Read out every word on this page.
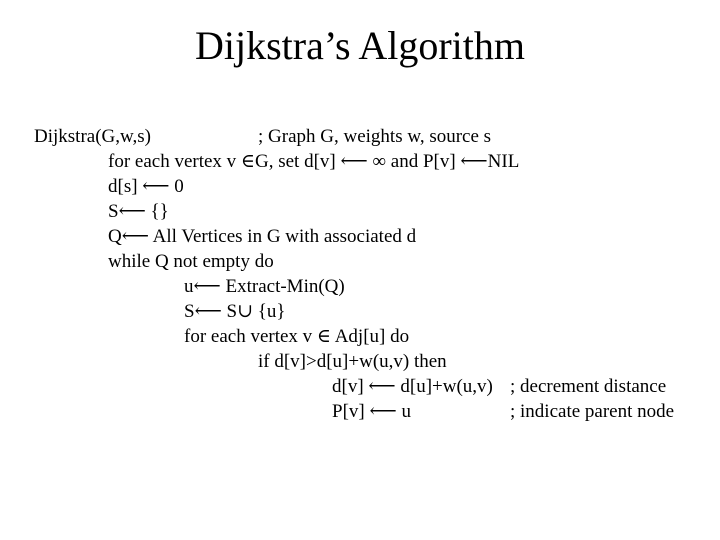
Dijkstra’s Algorithm
Dijkstra(G,w,s)	; Graph G, weights w, source s
for each vertex v ∈G, set d[v] ⟵ ∞ and P[v] ⟵NIL
d[s] ⟵ 0
S⟵ {}
Q⟵ All Vertices in G with associated d
while Q not empty do
u⟵ Extract-Min(Q)
S⟵ S∪ {u}
for each vertex v ∈ Adj[u] do
if d[v]>d[u]+w(u,v) then
d[v] ⟵ d[u]+w(u,v) ; decrement distance
P[v] ⟵ u	; indicate parent node
